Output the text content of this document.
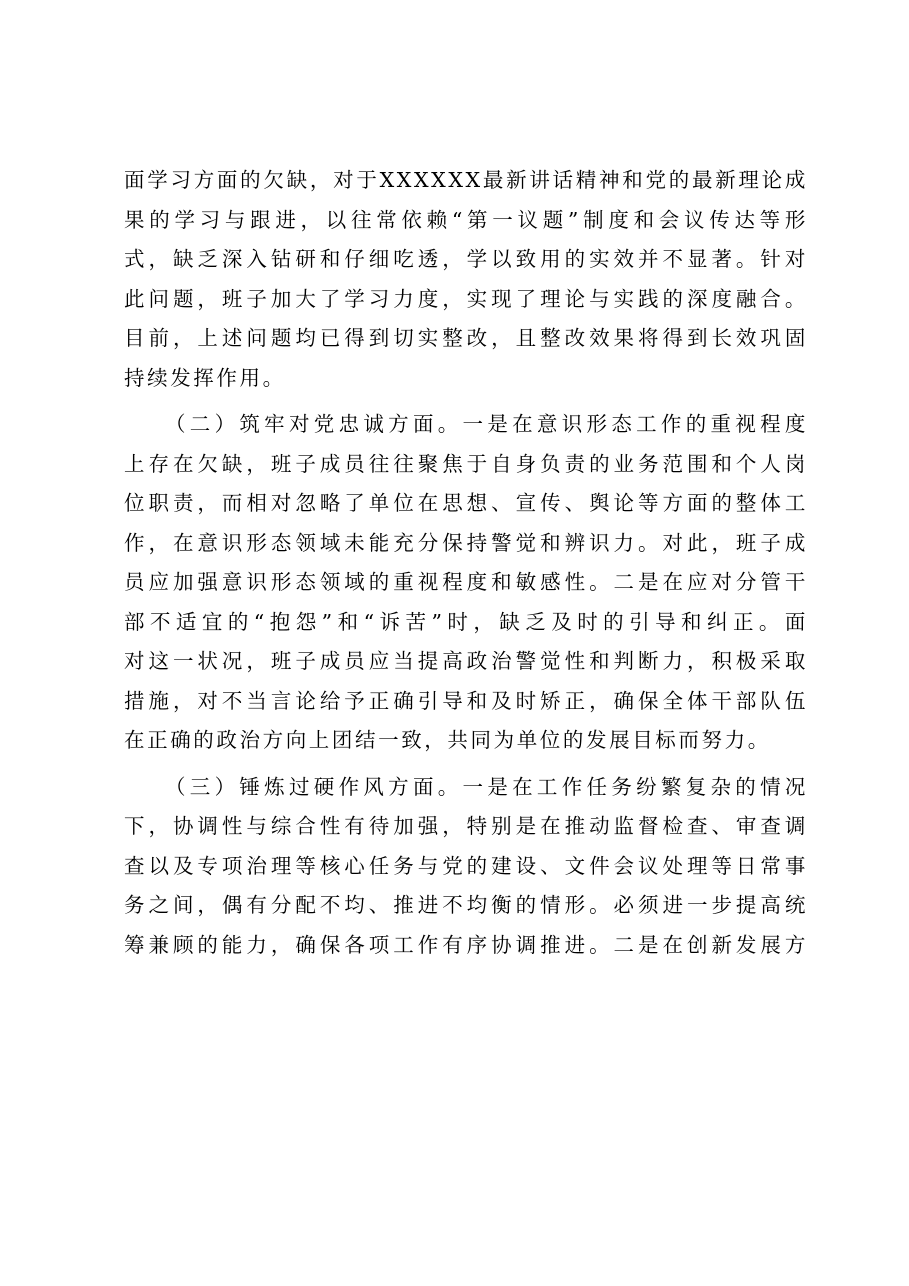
面学习方面的欠缺，对于XXXXXX最新讲话精神和党的最新理论成
果的学习与跟进，以往常依赖“第一议题”制度和会议传达等形
式，缺乏深入钻研和仔细吃透，学以致用的实效并不显著。针对
此问题，班子加大了学习力度，实现了理论与实践的深度融合。
目前，上述问题均已得到切实整改，且整改效果将得到长效巩固
持续发挥作用。
（二）筑牢对党忠诚方面。一是在意识形态工作的重视程度
上存在欠缺，班子成员往往聚焦于自身负责的业务范围和个人岗
位职责，而相对忽略了单位在思想、宣传、舆论等方面的整体工
作，在意识形态领域未能充分保持警觉和辨识力。对此，班子成
员应加强意识形态领域的重视程度和敏感性。二是在应对分管干
部不适宜的“抱怨”和“诉苦”时，缺乏及时的引导和纠正。面
对这一状况，班子成员应当提高政治警觉性和判断力，积极采取
措施，对不当言论给予正确引导和及时矫正，确保全体干部队伍
在正确的政治方向上团结一致，共同为单位的发展目标而努力。
（三）锤炼过硬作风方面。一是在工作任务纷繁复杂的情况
下，协调性与综合性有待加强，特别是在推动监督检查、审查调
查以及专项治理等核心任务与党的建设、文件会议处理等日常事
务之间，偶有分配不均、推进不均衡的情形。必须进一步提高统
筹兼顾的能力，确保各项工作有序协调推进。二是在创新发展方
